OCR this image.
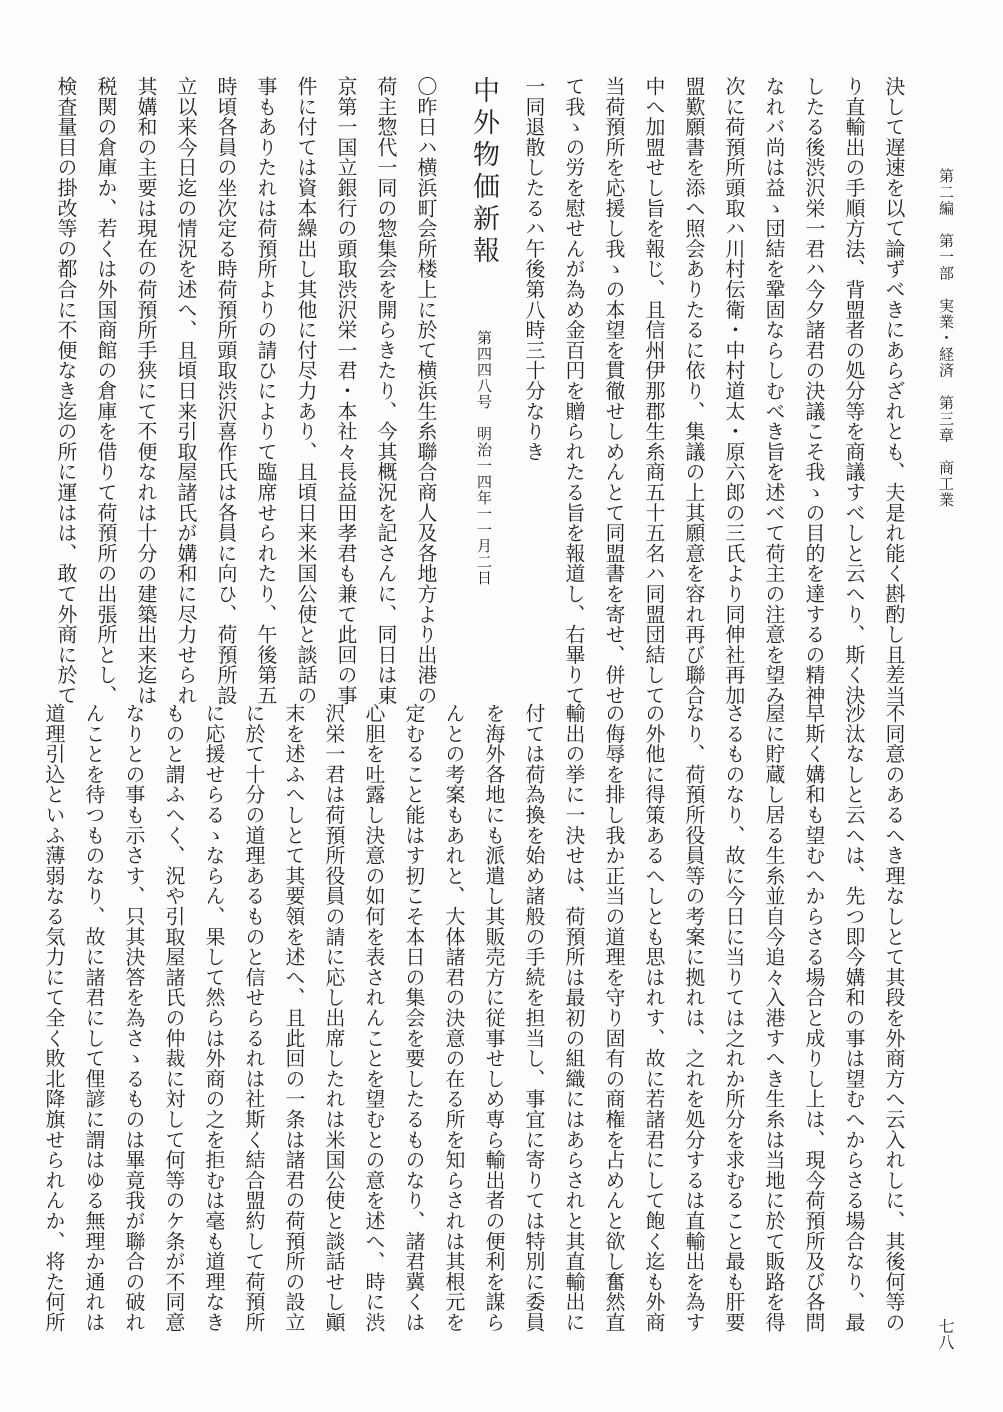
第二編　第一部　実業・経済　第三章　商工業
七八
決して遅速を以て論ずべきにあらざれとも、夫是れ能く斟酌し且差当
り直輸出の手順方法、背盟者の処分等を商議すべしと云へり、斯く決
したる後渋沢栄一君ハ今夕諸君の決議こそ我ゝの目的を達するの精神
なれバ尚は益ゝ団結を鞏固ならしむべき旨を述べて荷主の注意を望み
次に荷預所頭取ハ川村伝衛・中村道太・原六郎の三氏より同伸社再加
盟歎願書を添へ照会ありたるに依り、集議の上其願意を容れ再び聯合
中へ加盟せし旨を報じ、且信州伊那郡生糸商五十五名ハ同盟団結して
当荷預所を応援し我ゝの本望を貫徹せしめんとて同盟書を寄せ、併せ
て我ゝの労を慰せんが為め金百円を贈られたる旨を報道し、右畢りて
一同退散したるハ午後第八時三十分なりき
中外物価新報
第四四八号　明治一四年一一月二日
〇昨日ハ横浜町会所楼上に於て横浜生糸聯合商人及各地方より出港の
荷主惣代一同の惣集会を開らきたり、今其概況を記さんに、同日は東
京第一国立銀行の頭取渋沢栄一君・本社々長益田孝君も兼て此回の事
件に付ては資本繰出し其他に付尽力あり、且頃日来米国公使と談話の
事もありたれは荷預所よりの請ひによりて臨席せられたり、午後第五
時頃各員の坐次定る時荷預所頭取渋沢喜作氏は各員に向ひ、荷預所設
立以来今日迄の情況を述へ、且頃日来引取屋諸氏が媾和に尽力せられ
其媾和の主要は現在の荷預所手狭にて不便なれは十分の建築出来迄は
税関の倉庫か、若くは外国商館の倉庫を借りて荷預所の出張所とし、
検査量目の掛改等の都合に不便なき迄の所に運はは、敢て外商に於て
不同意のあるへき理なしとて其段を外商方へ云入れしに、其後何等の
沙汰なしと云へは、先つ即今媾和の事は望むへからさる場合なり、最
早斯く媾和も望むへからさる場合と成りし上は、現今荷預所及び各問
屋に貯蔵し居る生糸並自今追々入港すへき生糸は当地に於て販路を得
さるものなり、故に今日に当りては之れか所分を求むること最も肝要
なり、荷預所役員等の考案に拠れは、之れを処分するは直輸出を為す
の外他に得策あるへしとも思はれす、故に若諸君にして飽く迄も外商
の侮辱を排し我か正当の道理を守り固有の商権を占めんと欲し奮然直
輸出の挙に一決せは、荷預所は最初の組織にはあらされと其直輸出に
付ては荷為換を始め諸般の手続を担当し、事宜に寄りては特別に委員
を海外各地にも派遣し其販売方に従事せしめ専ら輸出者の便利を謀ら
んとの考案もあれと、大体諸君の決意の在る所を知らされは其根元を
定むること能はす扨こそ本日の集会を要したるものなり、諸君冀くは
心胆を吐露し決意の如何を表されんことを望むとの意を述へ、時に渋
沢栄一君は荷預所役員の請に応し出席したれは米国公使と談話せし顚
末を述ふへしとて其要領を述へ、且此回の一条は諸君の荷預所の設立
に於て十分の道理あるものと信せらるれは社斯く結合盟約して荷預所
に応援せらるゝならん、果して然らは外商の之を拒むは毫も道理なき
ものと謂ふへく、況や引取屋諸氏の仲裁に対して何等のケ条が不同意
なりとの事も示さす、只其決答を為さゝるものは畢竟我が聯合の破れ
んことを待つものなり、故に諸君にして俚諺に謂はゆる無理か通れは
道理引込といふ薄弱なる気力にて全く敗北降旗せられんか、将た何所
